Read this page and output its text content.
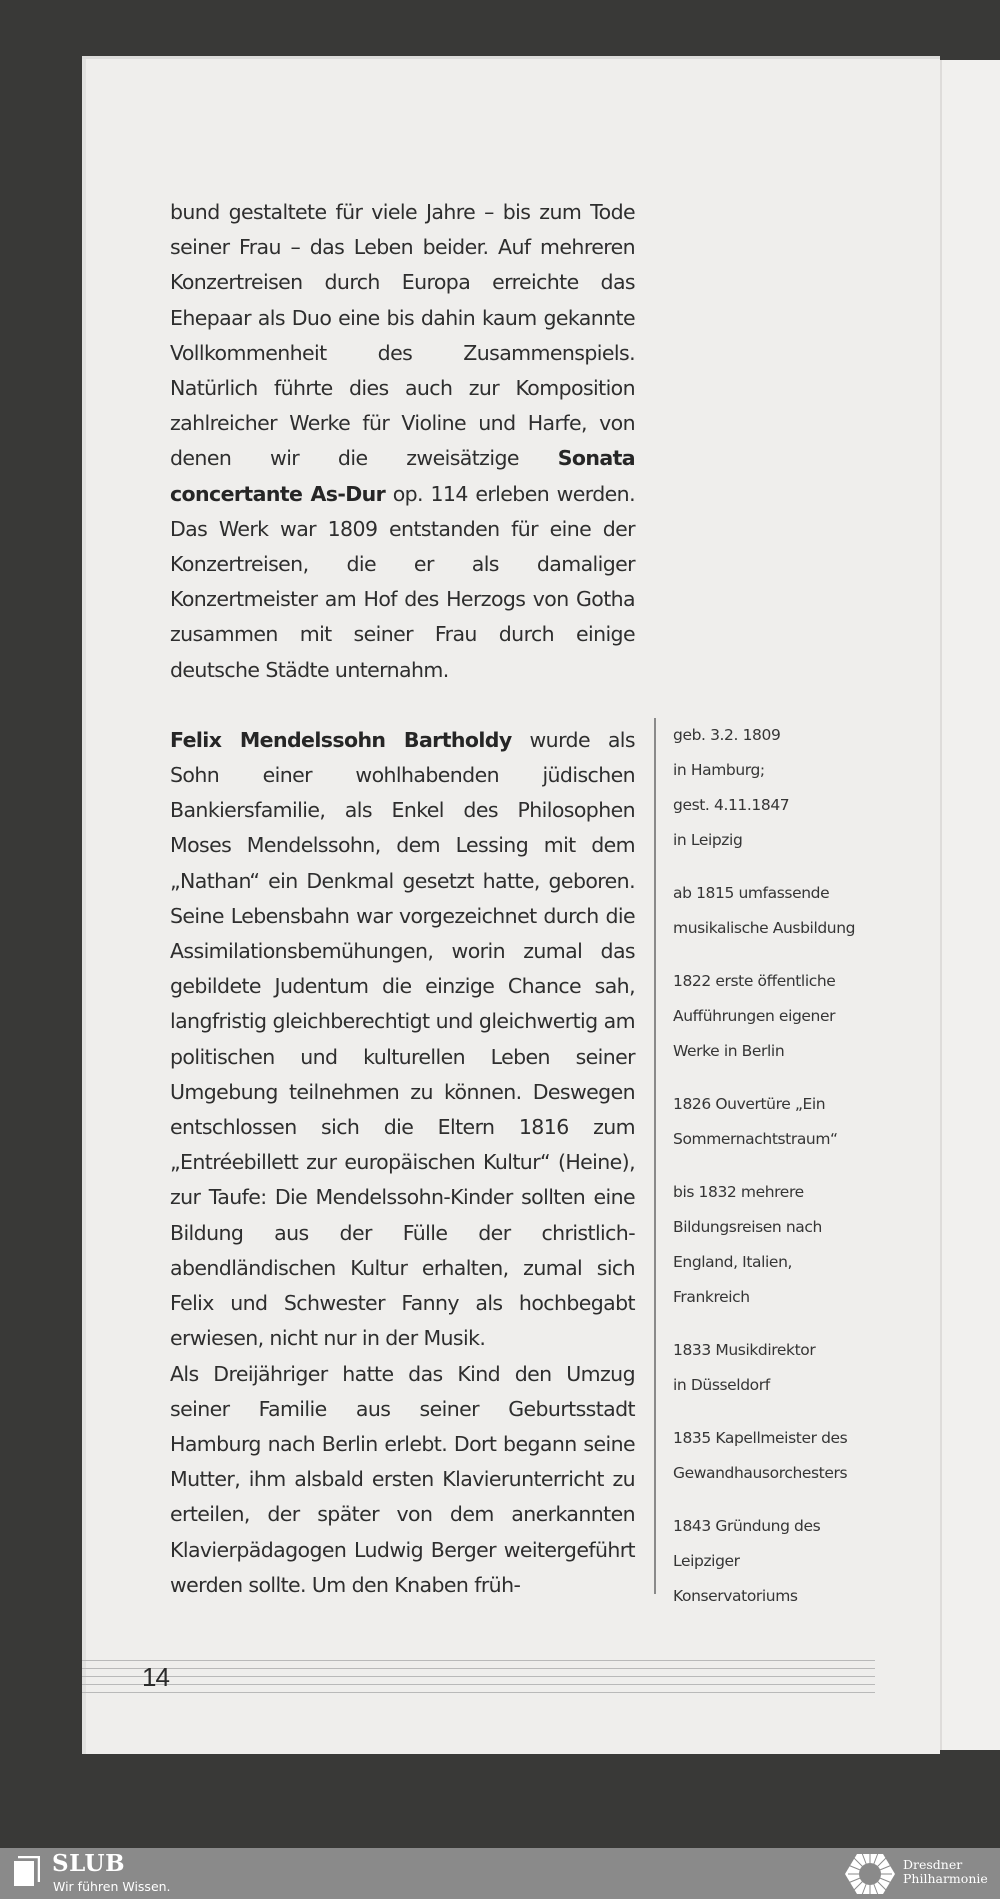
bund gestaltete für viele Jahre – bis zum Tode seiner Frau – das Leben beider. Auf mehreren Konzertreisen durch Europa erreichte das Ehepaar als Duo eine bis dahin kaum gekannte Vollkommenheit des Zusammenspiels. Natürlich führte dies auch zur Komposition zahlreicher Werke für Violine und Harfe, von denen wir die zweisätzige Sonata concertante As-Dur op. 114 erleben werden. Das Werk war 1809 entstanden für eine der Konzertreisen, die er als damaliger Konzertmeister am Hof des Herzogs von Gotha zusammen mit seiner Frau durch einige deutsche Städte unternahm.

Felix Mendelssohn Bartholdy wurde als Sohn einer wohlhabenden jüdischen Bankiersfamilie, als Enkel des Philosophen Moses Mendelssohn, dem Lessing mit dem „Nathan“ ein Denkmal gesetzt hatte, geboren. Seine Lebensbahn war vorgezeichnet durch die Assimilationsbemühungen, worin zumal das gebildete Judentum die einzige Chance sah, langfristig gleichberechtigt und gleichwertig am politischen und kulturellen Leben seiner Umgebung teilnehmen zu können. Deswegen entschlossen sich die Eltern 1816 zum „Entréebillett zur europäischen Kultur“ (Heine), zur Taufe: Die Mendelssohn-Kinder sollten eine Bildung aus der Fülle der christlich-abendländischen Kultur erhalten, zumal sich Felix und Schwester Fanny als hochbegabt erwiesen, nicht nur in der Musik.

Als Dreijähriger hatte das Kind den Umzug seiner Familie aus seiner Geburtsstadt Hamburg nach Berlin erlebt. Dort begann seine Mutter, ihm alsbald ersten Klavierunterricht zu erteilen, der später von dem anerkannten Klavierpädagogen Ludwig Berger weitergeführt werden sollte. Um den Knaben früh-

geb. 3.2. 1809
in Hamburg;
gest. 4.11.1847
in Leipzig
ab 1815 umfassende
musikalische Ausbildung
1822 erste öffentliche
Aufführungen eigener
Werke in Berlin
1826 Ouvertüre „Ein
Sommernachtstraum“
bis 1832 mehrere
Bildungsreisen nach
England, Italien,
Frankreich
1833 Musikdirektor
in Düsseldorf
1835 Kapellmeister des
Gewandhausorchesters
1843 Gründung des
Leipziger
Konservatoriums
14
SLUB
Wir führen Wissen.
Dresdner
Philharmonie
